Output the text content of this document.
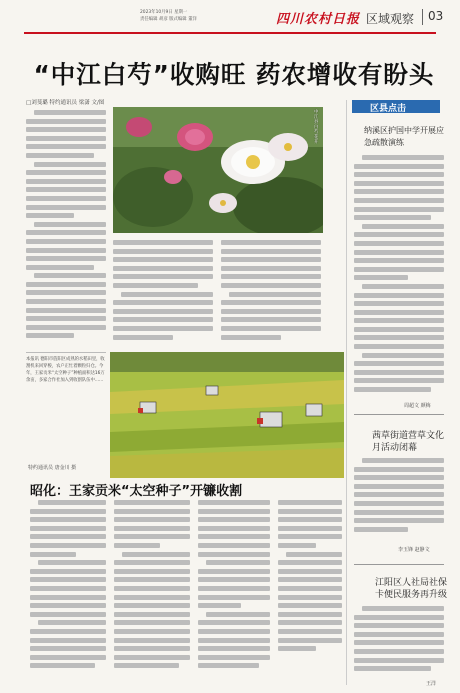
2023年10月9日 星期一
责任编辑 胡彦 版式编辑 董洋	四川农村日报 区域观察 03
“中江白芍”收购旺 药农增收有盼头
□刘斐璐 特约通讯员 梁潇 文/图
中江县白芍花开
本报讯 德阳市旌阳区成熟的水稻田里，收割机来回穿梭，农户正忙着颗粒归仓。今年，王家贡米“太空种子”种植面积达16万余亩，多家合作社加入到收割队伍中……
特约通讯员 唐金川 摄
昭化：王家贡米“太空种子”开镰收割
区县点击
纳溪区护国中学开展应急疏散演练
周超文 颜梅
茜草街道营草文化月活动闭幕
李玉锋 赵静文
江阳区人社局社保卡便民服务再升级
王洋
